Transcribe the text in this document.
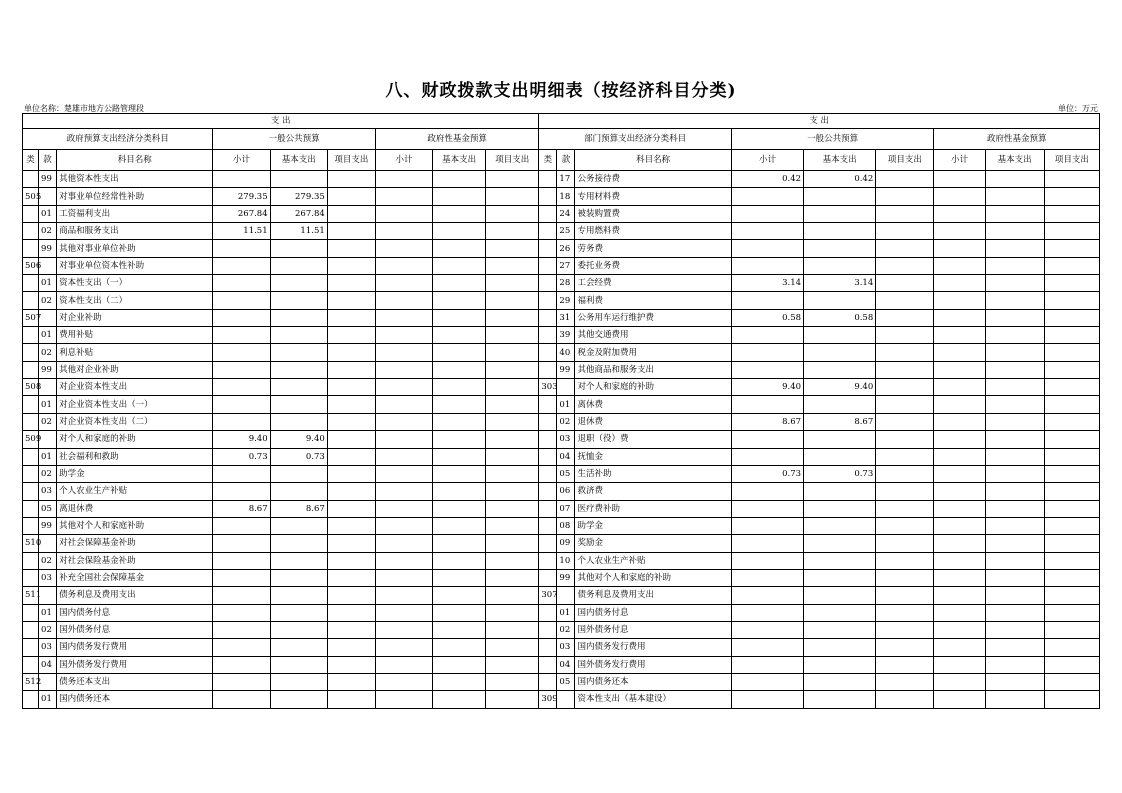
八、财政拨款支出明细表（按经济科目分类)
单位名称：楚雄市地方公路管理段	单位：万元
支 出									支 出								
政府预算支出经济分类科目			一般公共预算			政府性基金预算			部门预算支出经济分类科目			一般公共预算			政府性基金预算		
类	款	科目名称	小计	基本支出	项目支出	小计	基本支出	项目支出	类	款	科目名称	小计	基本支出	项目支出	小计	基本支出	项目支出
	99	其他资本性支出								17	公务接待费	0.42	0.42				
505		对事业单位经常性补助	279.35	279.35						18	专用材料费						
	01	工资福利支出	267.84	267.84						24	被装购置费						
	02	商品和服务支出	11.51	11.51						25	专用燃料费						
	99	其他对事业单位补助								26	劳务费						
506		对事业单位资本性补助								27	委托业务费						
	01	资本性支出（一）								28	工会经费	3.14	3.14				
	02	资本性支出（二）								29	福利费						
507		对企业补助								31	公务用车运行维护费	0.58	0.58				
	01	费用补贴								39	其他交通费用						
	02	利息补贴								40	税金及附加费用						
	99	其他对企业补助								99	其他商品和服务支出						
508		对企业资本性支出							303		对个人和家庭的补助	9.40	9.40				
	01	对企业资本性支出（一）								01	离休费						
	02	对企业资本性支出（二）								02	退休费	8.67	8.67				
509		对个人和家庭的补助	9.40	9.40						03	退职（役）费						
	01	社会福利和救助	0.73	0.73						04	抚恤金						
	02	助学金								05	生活补助	0.73	0.73				
	03	个人农业生产补贴								06	救济费						
	05	离退休费	8.67	8.67						07	医疗费补助						
	99	其他对个人和家庭补助								08	助学金						
510		对社会保障基金补助								09	奖励金						
	02	对社会保险基金补助								10	个人农业生产补贴						
	03	补充全国社会保障基金								99	其他对个人和家庭的补助						
511		债务利息及费用支出							307		债务利息及费用支出						
	01	国内债务付息								01	国内债务付息						
	02	国外债务付息								02	国外债务付息						
	03	国内债务发行费用								03	国内债务发行费用						
	04	国外债务发行费用								04	国外债务发行费用						
512		债务还本支出								05	国内债务还本						
	01	国内债务还本							309		资本性支出（基本建设）						
